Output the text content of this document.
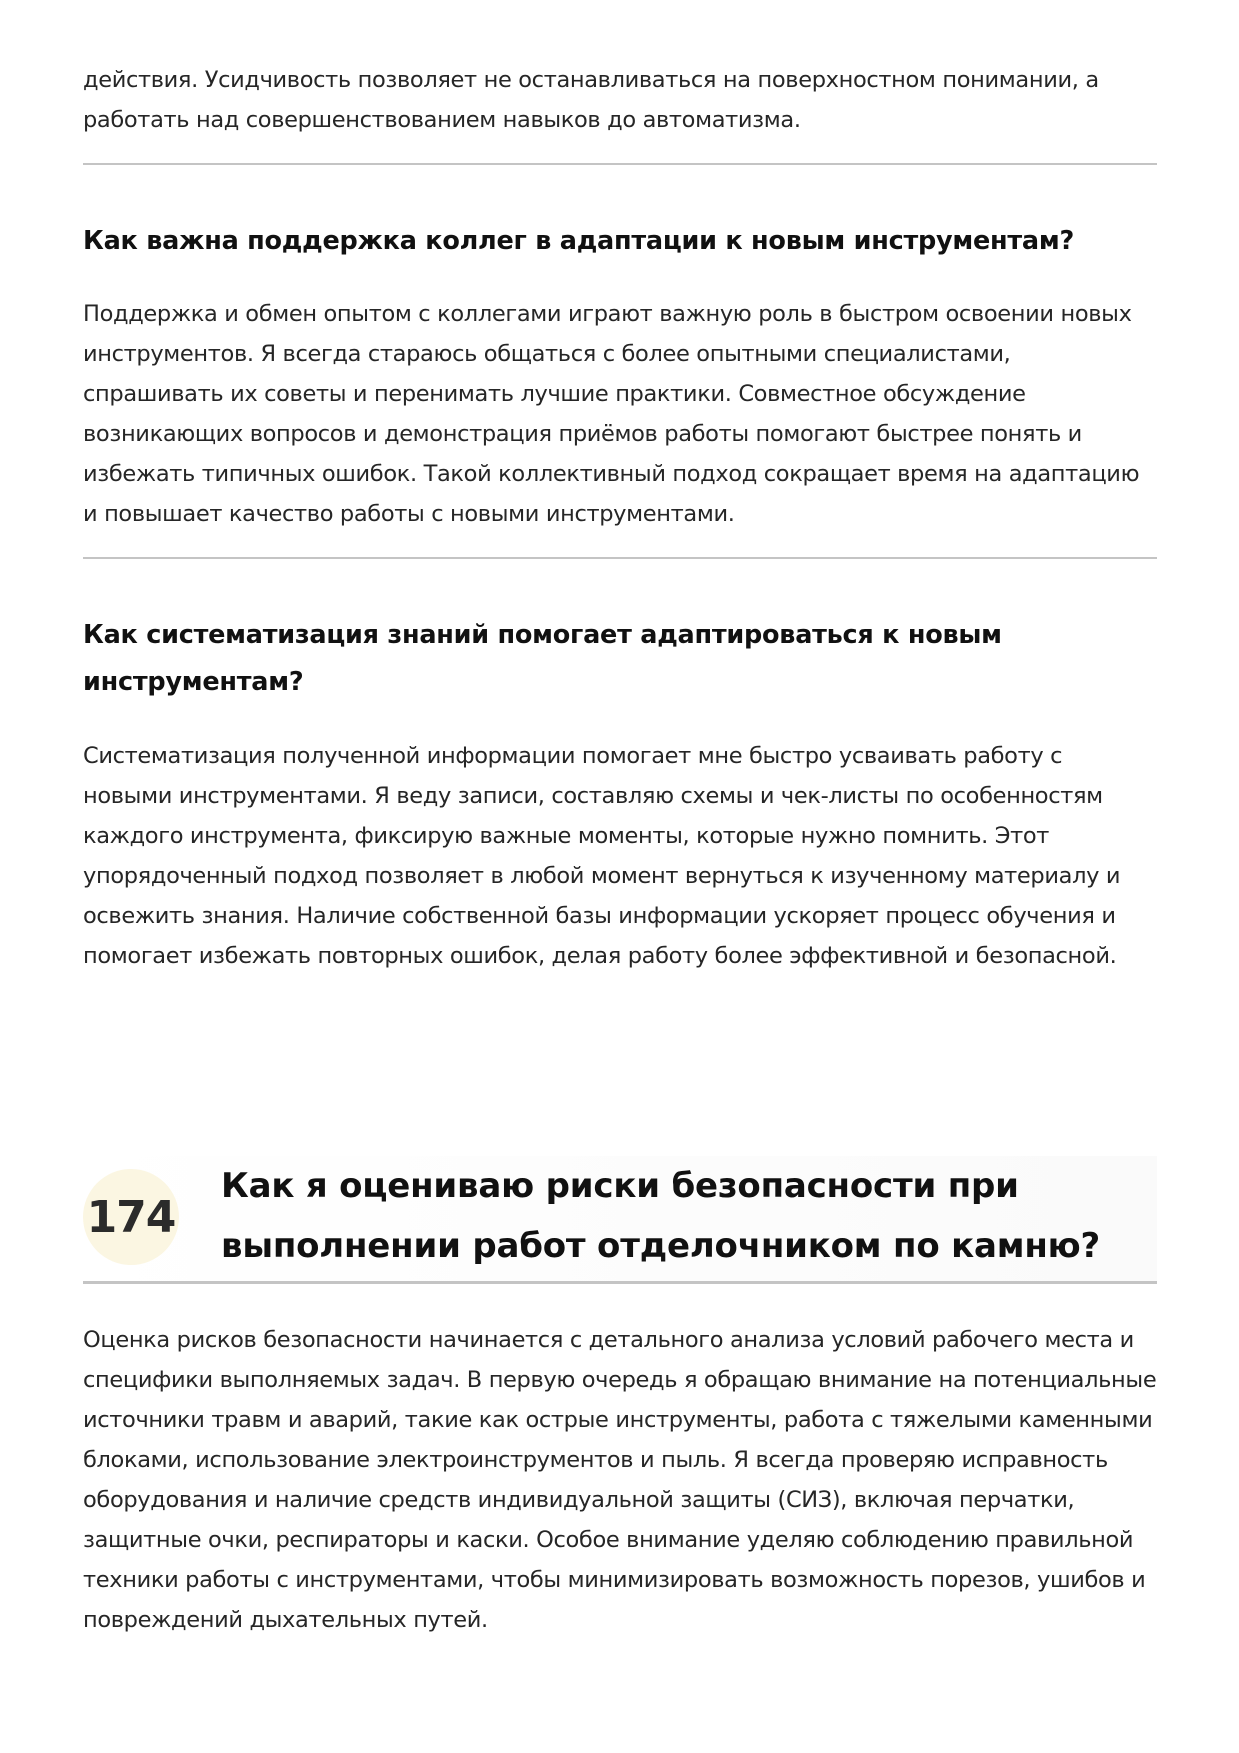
действия. Усидчивость позволяет не останавливаться на поверхностном понимании, а работать над совершенствованием навыков до автоматизма.

Как важна поддержка коллег в адаптации к новым инструментам?

Поддержка и обмен опытом с коллегами играют важную роль в быстром освоении новых инструментов. Я всегда стараюсь общаться с более опытными специалистами, спрашивать их советы и перенимать лучшие практики. Совместное обсуждение возникающих вопросов и демонстрация приёмов работы помогают быстрее понять и избежать типичных ошибок. Такой коллективный подход сокращает время на адаптацию и повышает качество работы с новыми инструментами.

Как систематизация знаний помогает адаптироваться к новым инструментам?

Систематизация полученной информации помогает мне быстро усваивать работу с новыми инструментами. Я веду записи, составляю схемы и чек-листы по особенностям каждого инструмента, фиксирую важные моменты, которые нужно помнить. Этот упорядоченный подход позволяет в любой момент вернуться к изученному материалу и освежить знания. Наличие собственной базы информации ускоряет процесс обучения и помогает избежать повторных ошибок, делая работу более эффективной и безопасной.

174
Как я оцениваю риски безопасности при выполнении работ отделочником по камню?

Оценка рисков безопасности начинается с детального анализа условий рабочего места и специфики выполняемых задач. В первую очередь я обращаю внимание на потенциальные источники травм и аварий, такие как острые инструменты, работа с тяжелыми каменными блоками, использование электроинструментов и пыль. Я всегда проверяю исправность оборудования и наличие средств индивидуальной защиты (СИЗ), включая перчатки, защитные очки, респираторы и каски. Особое внимание уделяю соблюдению правильной техники работы с инструментами, чтобы минимизировать возможность порезов, ушибов и повреждений дыхательных путей.
